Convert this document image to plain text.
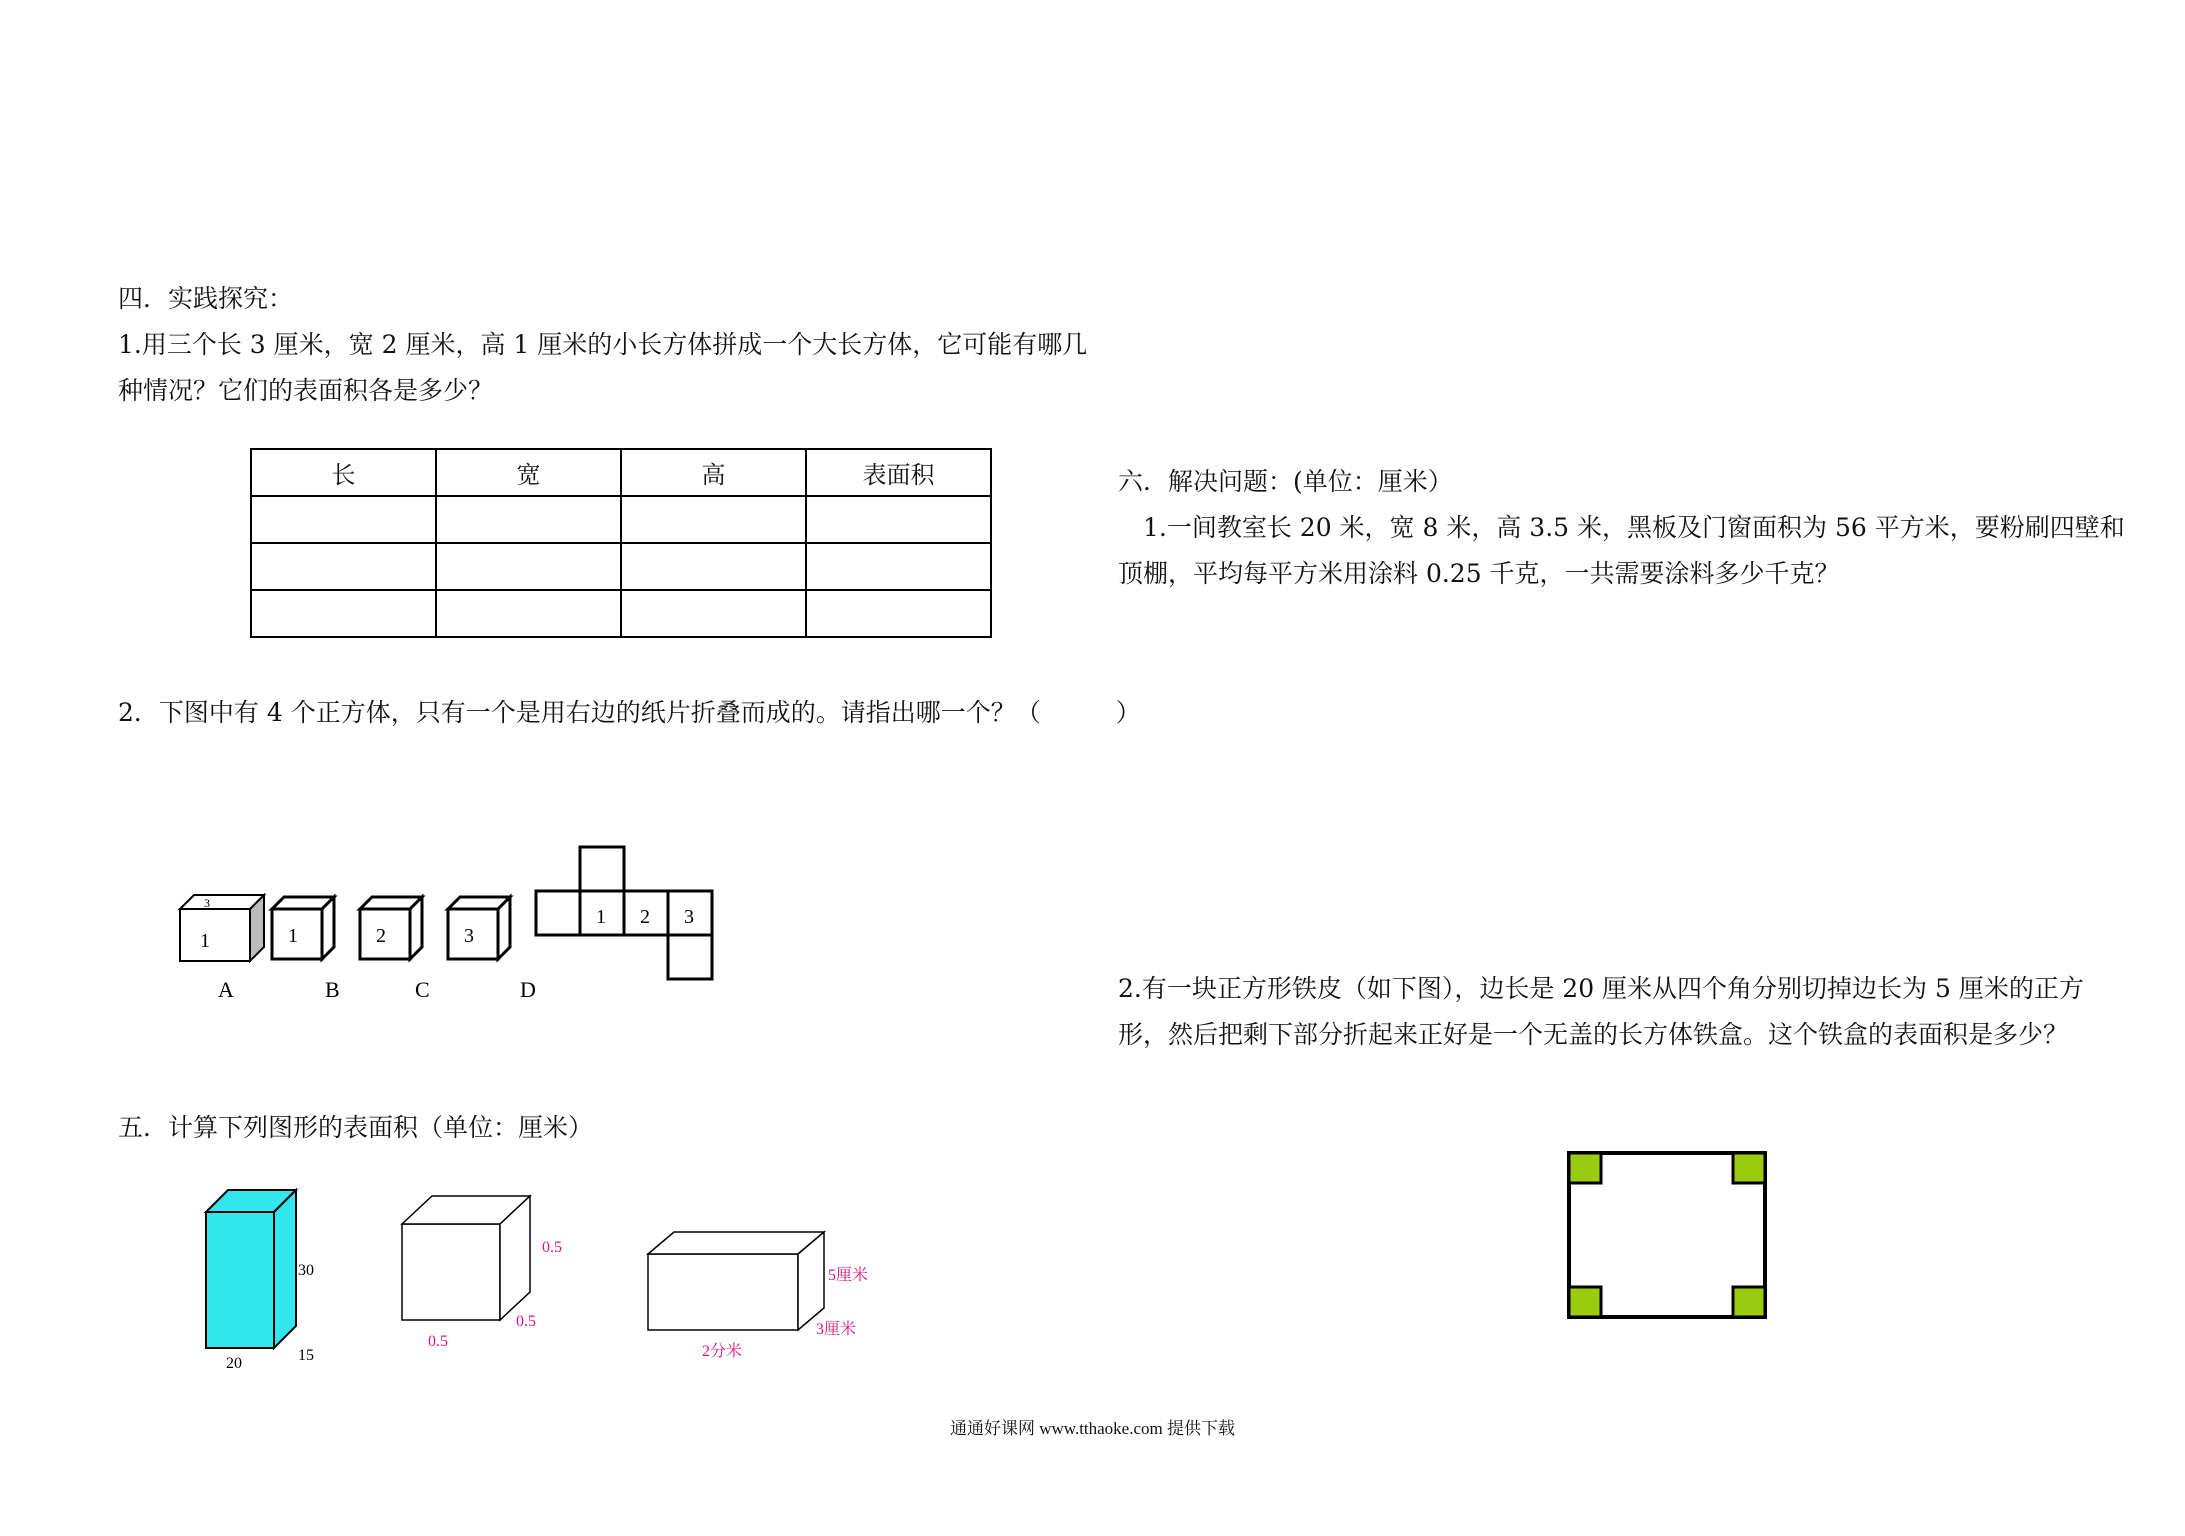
四．实践探究：
1.用三个长 3 厘米，宽 2 厘米，高 1 厘米的小长方体拼成一个大长方体，它可能有哪几
种情况？它们的表面积各是多少？
长	宽	高	表面积

2．下图中有 4 个正方体，只有一个是用右边的纸片折叠而成的。请指出哪一个？（　　　）
1
3
A
1
B
2
C
3
D
1 2 3
五．计算下列图形的表面积（单位：厘米）
30
20	15
0.5
0.5
0.5
5厘米
3厘米
2分米
六．解决问题：(单位：厘米）
1.一间教室长 20 米，宽 8 米，高 3.5 米，黑板及门窗面积为 56 平方米，要粉刷四壁和
顶棚，平均每平方米用涂料 0.25 千克，一共需要涂料多少千克？
2.有一块正方形铁皮（如下图），边长是 20 厘米从四个角分别切掉边长为 5 厘米的正方
形，然后把剩下部分折起来正好是一个无盖的长方体铁盒。这个铁盒的表面积是多少？
通通好课网 www.tthaoke.com 提供下载
